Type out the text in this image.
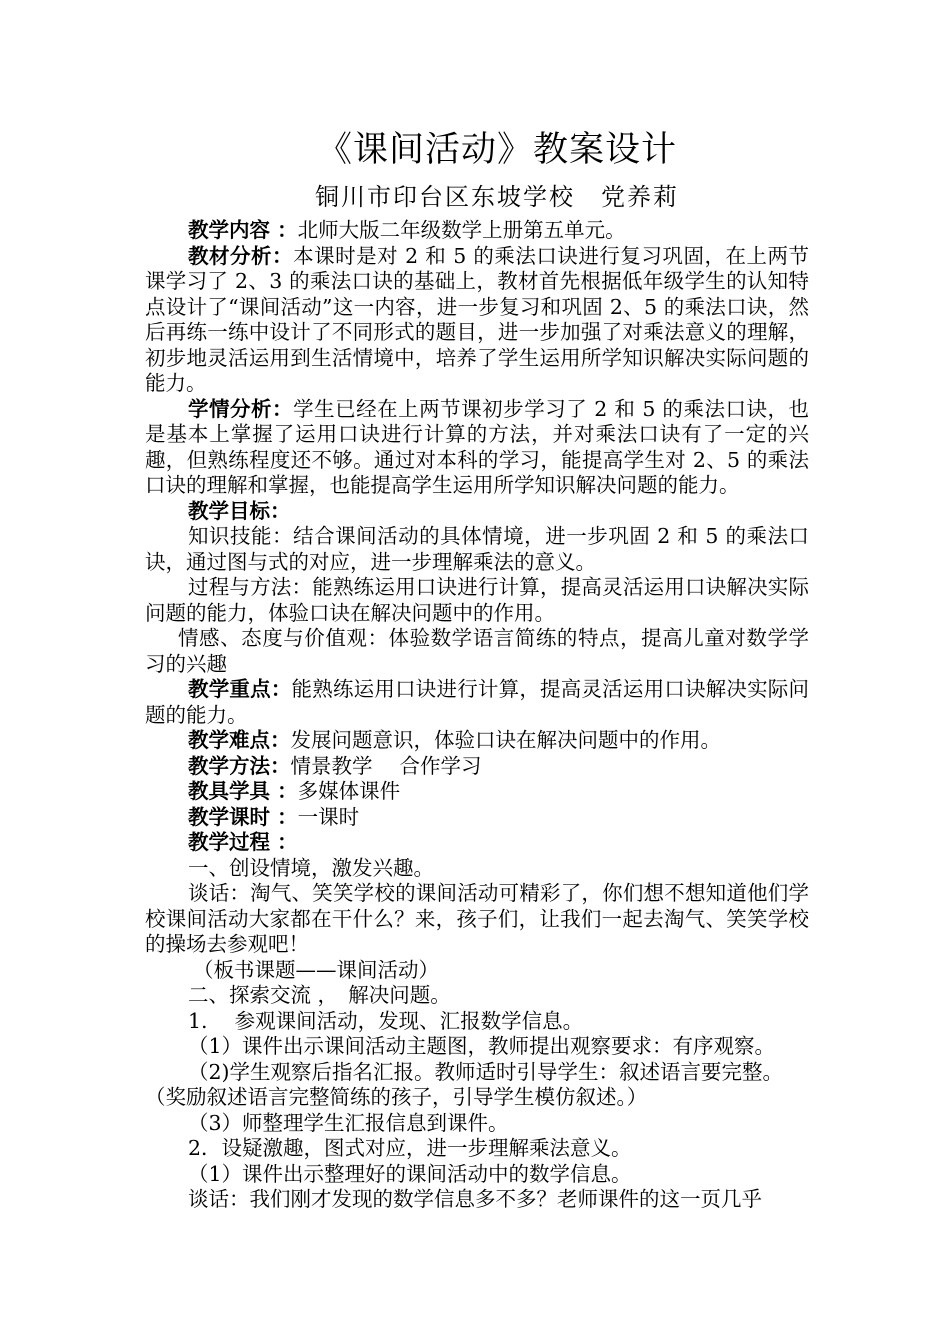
《课间活动》教案设计
铜川市印台区东坡学校　党养莉

教学内容 ：北师大版二年级数学上册第五单元。

教材分析：本课时是对 2 和 5 的乘法口诀进行复习巩固，在上两节课学习了 2、3 的乘法口诀的基础上，教材首先根据低年级学生的认知特点设计了“课间活动”这一内容，进一步复习和巩固 2、5 的乘法口诀，然后再练一练中设计了不同形式的题目，进一步加强了对乘法意义的理解，初步地灵活运用到生活情境中，培养了学生运用所学知识解决实际问题的能力。

学情分析：学生已经在上两节课初步学习了 2 和 5 的乘法口诀，也是基本上掌握了运用口诀进行计算的方法，并对乘法口诀有了一定的兴趣，但熟练程度还不够。通过对本科的学习，能提高学生对 2、5 的乘法口诀的理解和掌握，也能提高学生运用所学知识解决问题的能力。

教学目标：

知识技能：结合课间活动的具体情境，进一步巩固 2 和 5 的乘法口诀，通过图与式的对应，进一步理解乘法的意义。

过程与方法：能熟练运用口诀进行计算，提高灵活运用口诀解决实际问题的能力，体验口诀在解决问题中的作用。

情感、态度与价值观：体验数学语言简练的特点，提高儿童对数学学习的兴趣

教学重点：能熟练运用口诀进行计算，提高灵活运用口诀解决实际问题的能力。

教学难点：发展问题意识，体验口诀在解决问题中的作用。

教学方法：情景教学　 合作学习

教具学具 ：多媒体课件

教学课时 ：一课时

教学过程 ：

一、创设情境，激发兴趣。

谈话：淘气、笑笑学校的课间活动可精彩了，你们想不想知道他们学校课间活动大家都在干什么？来，孩子们，让我们一起去淘气、笑笑学校的操场去参观吧！

（板书课题——课间活动）

二、探索交流 ，　解决问题。

1.　 参观课间活动，发现、汇报数学信息。

（1）课件出示课间活动主题图，教师提出观察要求：有序观察。

（2)学生观察后指名汇报。教师适时引导学生：叙述语言要完整。

（奖励叙述语言完整简练的孩子，引导学生模仿叙述。）

（3）师整理学生汇报信息到课件。

2．设疑激趣，图式对应，进一步理解乘法意义。

（1）课件出示整理好的课间活动中的数学信息。

谈话：我们刚才发现的数学信息多不多？老师课件的这一页几乎
